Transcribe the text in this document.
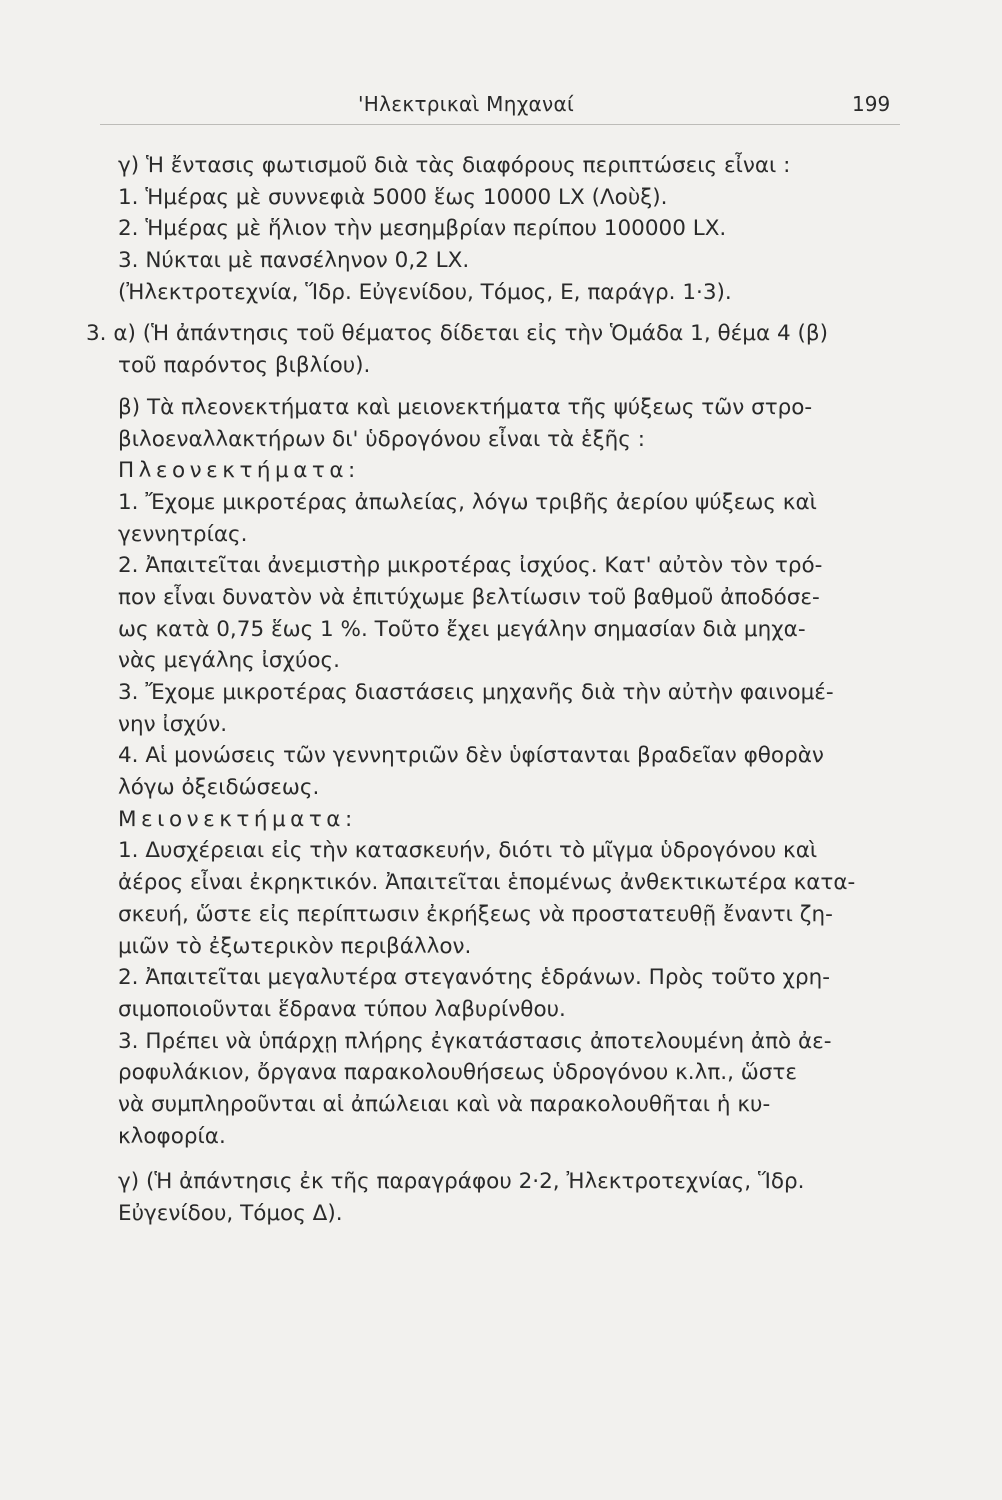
'Ηλεκτρικαὶ Μηχαναί	199
γ) Ἡ ἔντασις φωτισμοῦ διὰ τὰς διαφόρους περιπτώσεις εἶναι :
1. Ἡμέρας μὲ συννεφιὰ 5000 ἕως 10000 LX (Λοὺξ).
2. Ἡμέρας μὲ ἥλιον τὴν μεσημβρίαν περίπου 100000 LX.
3. Νύκται μὲ πανσέληνον 0,2 LX.
(Ἠλεκτροτεχνία, Ἵδρ. Εὐγενίδου, Τόμος, Ε, παράγρ. 1·3).
3. α) (Ἡ ἀπάντησις τοῦ θέματος δίδεται εἰς τὴν Ὁμάδα 1, θέμα 4 (β)
τοῦ παρόντος βιβλίου).
β) Τὰ πλεονεκτήματα καὶ μειονεκτήματα τῆς ψύξεως τῶν στρο-
βιλοεναλλακτήρων δι' ὑδρογόνου εἶναι τὰ ἑξῆς :
Πλεονεκτήματα:
1. Ἔχομε μικροτέρας ἀπωλείας, λόγω τριβῆς ἀερίου ψύξεως καὶ
γεννητρίας.
2. Ἀπαιτεῖται ἀνεμιστὴρ μικροτέρας ἰσχύος. Κατ' αὐτὸν τὸν τρό-
πον εἶναι δυνατὸν νὰ ἐπιτύχωμε βελτίωσιν τοῦ βαθμοῦ ἀποδόσε-
ως κατὰ 0,75 ἕως 1 %. Τοῦτο ἔχει μεγάλην σημασίαν διὰ μηχα-
νὰς μεγάλης ἰσχύος.
3. Ἔχομε μικροτέρας διαστάσεις μηχανῆς διὰ τὴν αὐτὴν φαινομέ-
νην ἰσχύν.
4. Αἱ μονώσεις τῶν γεννητριῶν δὲν ὑφίστανται βραδεῖαν φθορὰν
λόγω ὀξειδώσεως.
Μειονεκτήματα:
1. Δυσχέρειαι εἰς τὴν κατασκευήν, διότι τὸ μῖγμα ὑδρογόνου καὶ
ἀέρος εἶναι ἐκρηκτικόν. Ἀπαιτεῖται ἑπομένως ἀνθεκτικωτέρα κατα-
σκευή, ὥστε εἰς περίπτωσιν ἐκρήξεως νὰ προστατευθῇ ἔναντι ζη-
μιῶν τὸ ἐξωτερικὸν περιβάλλον.
2. Ἀπαιτεῖται μεγαλυτέρα στεγανότης ἑδράνων. Πρὸς τοῦτο χρη-
σιμοποιοῦνται ἕδρανα τύπου λαβυρίνθου.
3. Πρέπει νὰ ὑπάρχῃ πλήρης ἐγκατάστασις ἀποτελουμένη ἀπὸ ἀε-
ροφυλάκιον, ὄργανα παρακολουθήσεως ὑδρογόνου κ.λπ., ὥστε
νὰ συμπληροῦνται αἱ ἀπώλειαι καὶ νὰ παρακολουθῆται ἡ κυ-
κλοφορία.
γ) (Ἡ ἀπάντησις ἐκ τῆς παραγράφου 2·2, Ἠλεκτροτεχνίας, Ἵδρ.
Εὐγενίδου, Τόμος Δ).
